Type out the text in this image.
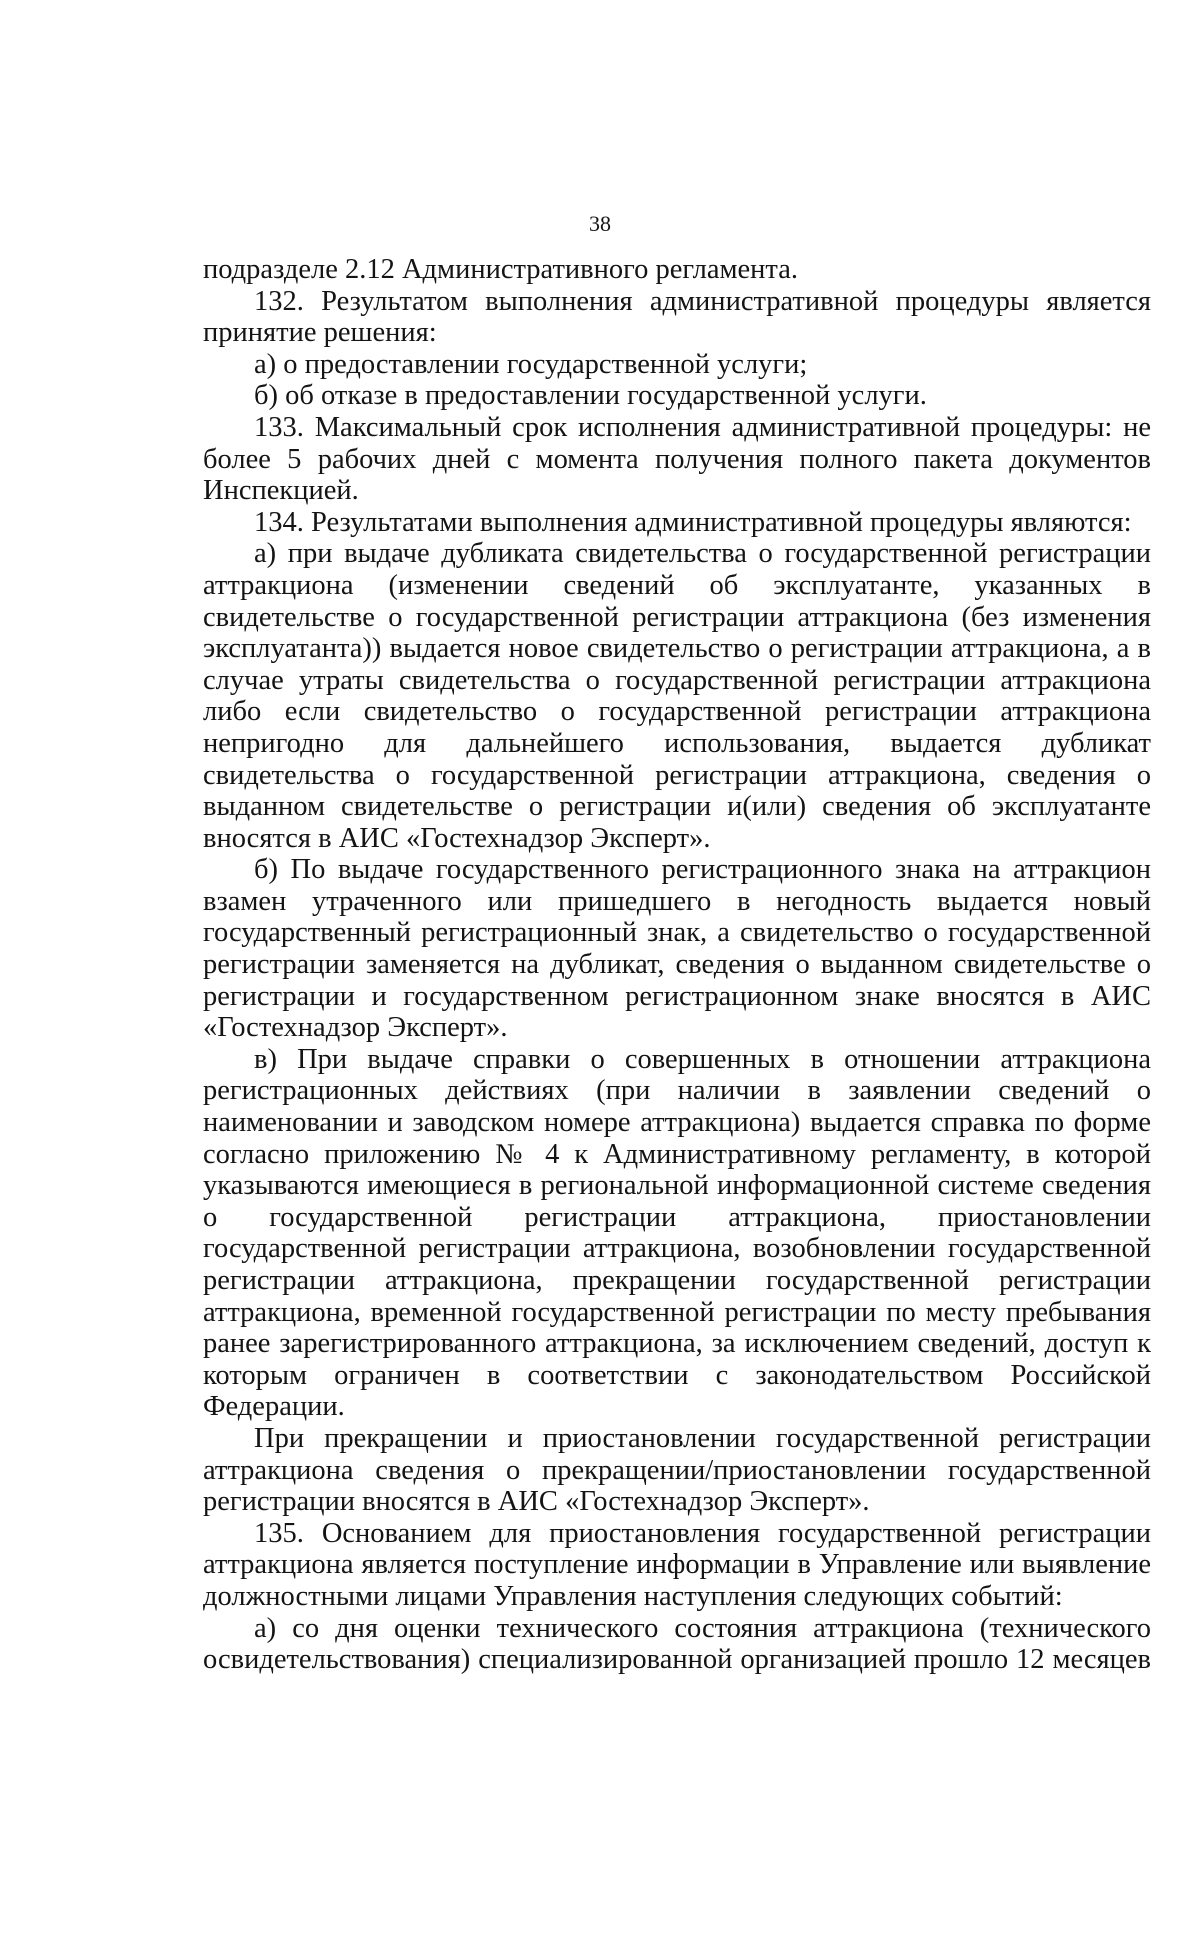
38

подразделе 2.12 Административного регламента.

132. Результатом выполнения административной процедуры является принятие решения:

а) о предоставлении государственной услуги;

б) об отказе в предоставлении государственной услуги.

133. Максимальный срок исполнения административной процедуры: не более 5 рабочих дней с момента получения полного пакета документов Инспекцией.

134. Результатами выполнения административной процедуры являются:

а) при выдаче дубликата свидетельства о государственной регистрации аттракциона (изменении сведений об эксплуатанте, указанных в свидетельстве о государственной регистрации аттракциона (без изменения эксплуатанта)) выдается новое свидетельство о регистрации аттракциона, а в случае утраты свидетельства о государственной регистрации аттракциона либо если свидетельство о государственной регистрации аттракциона непригодно для дальнейшего использования, выдается дубликат свидетельства о государственной регистрации аттракциона, сведения о выданном свидетельстве о регистрации и(или) сведения об эксплуатанте вносятся в АИС «Гостехнадзор Эксперт».

б) По выдаче государственного регистрационного знака на аттракцион взамен утраченного или пришедшего в негодность выдается новый государственный регистрационный знак, а свидетельство о государственной регистрации заменяется на дубликат, сведения о выданном свидетельстве о регистрации и государственном регистрационном знаке вносятся в АИС «Гостехнадзор Эксперт».

в) При выдаче справки о совершенных в отношении аттракциона регистрационных действиях (при наличии в заявлении сведений о наименовании и заводском номере аттракциона) выдается справка по форме согласно приложению № 4 к Административному регламенту, в которой указываются имеющиеся в региональной информационной системе сведения о государственной регистрации аттракциона, приостановлении государственной регистрации аттракциона, возобновлении государственной регистрации аттракциона, прекращении государственной регистрации аттракциона, временной государственной регистрации по месту пребывания ранее зарегистрированного аттракциона, за исключением сведений, доступ к которым ограничен в соответствии с законодательством Российской Федерации.

При прекращении и приостановлении государственной регистрации аттракциона сведения о прекращении/приостановлении государственной регистрации вносятся в АИС «Гостехнадзор Эксперт».

135. Основанием для приостановления государственной регистрации аттракциона является поступление информации в Управление или выявление должностными лицами Управления наступления следующих событий:

а) со дня оценки технического состояния аттракциона (технического освидетельствования) специализированной организацией прошло 12 месяцев
